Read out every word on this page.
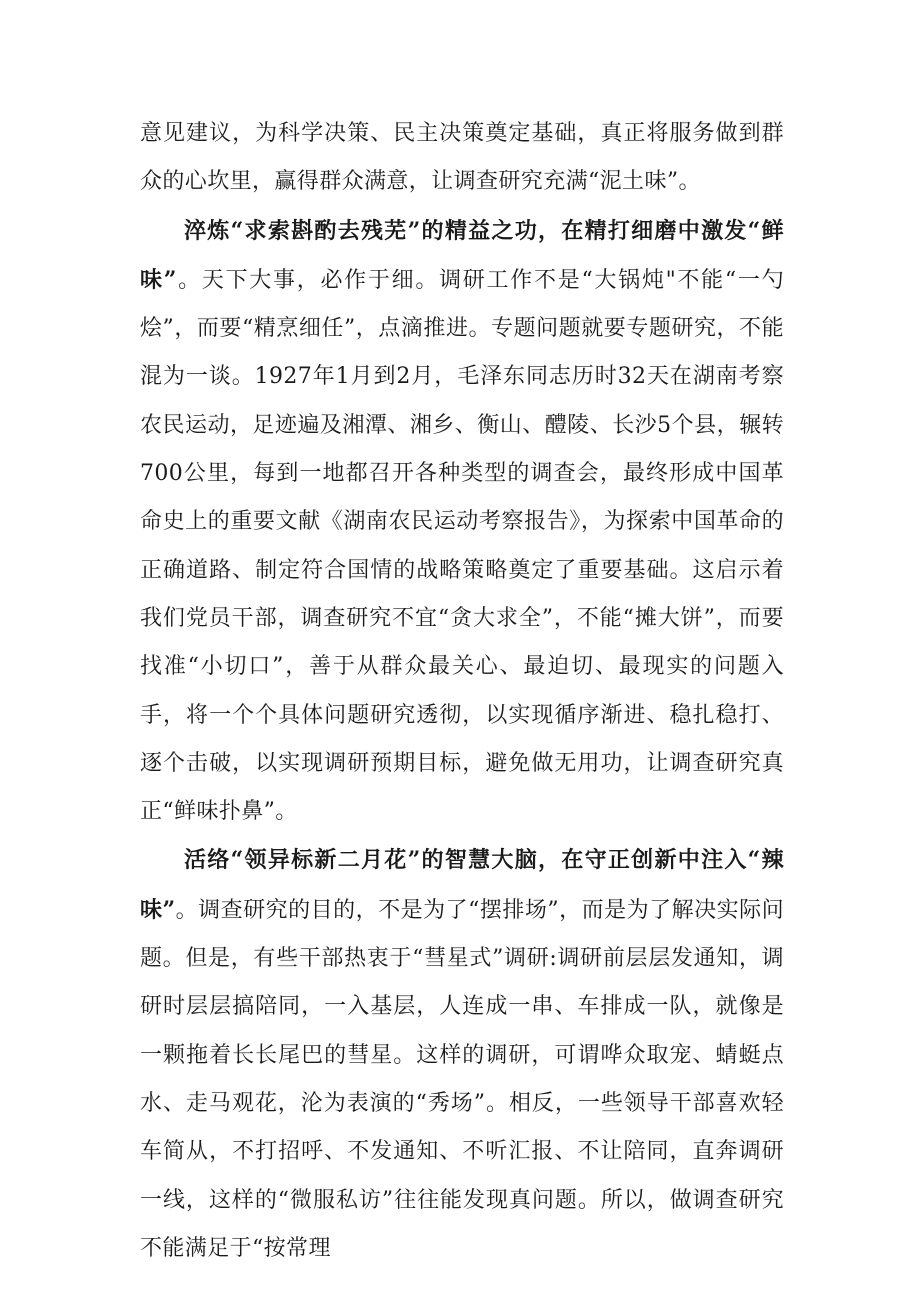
意见建议，为科学决策、民主决策奠定基础，真正将服务做到群众的心坎里，赢得群众满意，让调查研究充满“泥土味”。

淬炼“求索斟酌去残芜”的精益之功，在精打细磨中激发“鲜味”。天下大事，必作于细。调研工作不是“大锅炖"不能“一勺烩”，而要“精烹细任”，点滴推进。专题问题就要专题研究，不能混为一谈。1927年1月到2月，毛泽东同志历时32天在湖南考察农民运动，足迹遍及湘潭、湘乡、衡山、醴陵、长沙5个县，辗转700公里，每到一地都召开各种类型的调查会，最终形成中国革命史上的重要文献《湖南农民运动考察报告》，为探索中国革命的正确道路、制定符合国情的战略策略奠定了重要基础。这启示着我们党员干部，调查研究不宜“贪大求全”，不能“摊大饼”，而要找准“小切口”，善于从群众最关心、最迫切、最现实的问题入手，将一个个具体问题研究透彻，以实现循序渐进、稳扎稳打、逐个击破，以实现调研预期目标，避免做无用功，让调查研究真正“鲜味扑鼻”。

活络“领异标新二月花”的智慧大脑，在守正创新中注入“辣味”。调查研究的目的，不是为了“摆排场”，而是为了解决实际问题。但是，有些干部热衷于“彗星式”调研:调研前层层发通知，调研时层层搞陪同，一入基层，人连成一串、车排成一队，就像是一颗拖着长长尾巴的彗星。这样的调研，可谓哗众取宠、蜻蜓点水、走马观花，沦为表演的“秀场”。相反，一些领导干部喜欢轻车简从，不打招呼、不发通知、不听汇报、不让陪同，直奔调研一线，这样的“微服私访”往往能发现真问题。所以，做调查研究不能满足于“按常理
